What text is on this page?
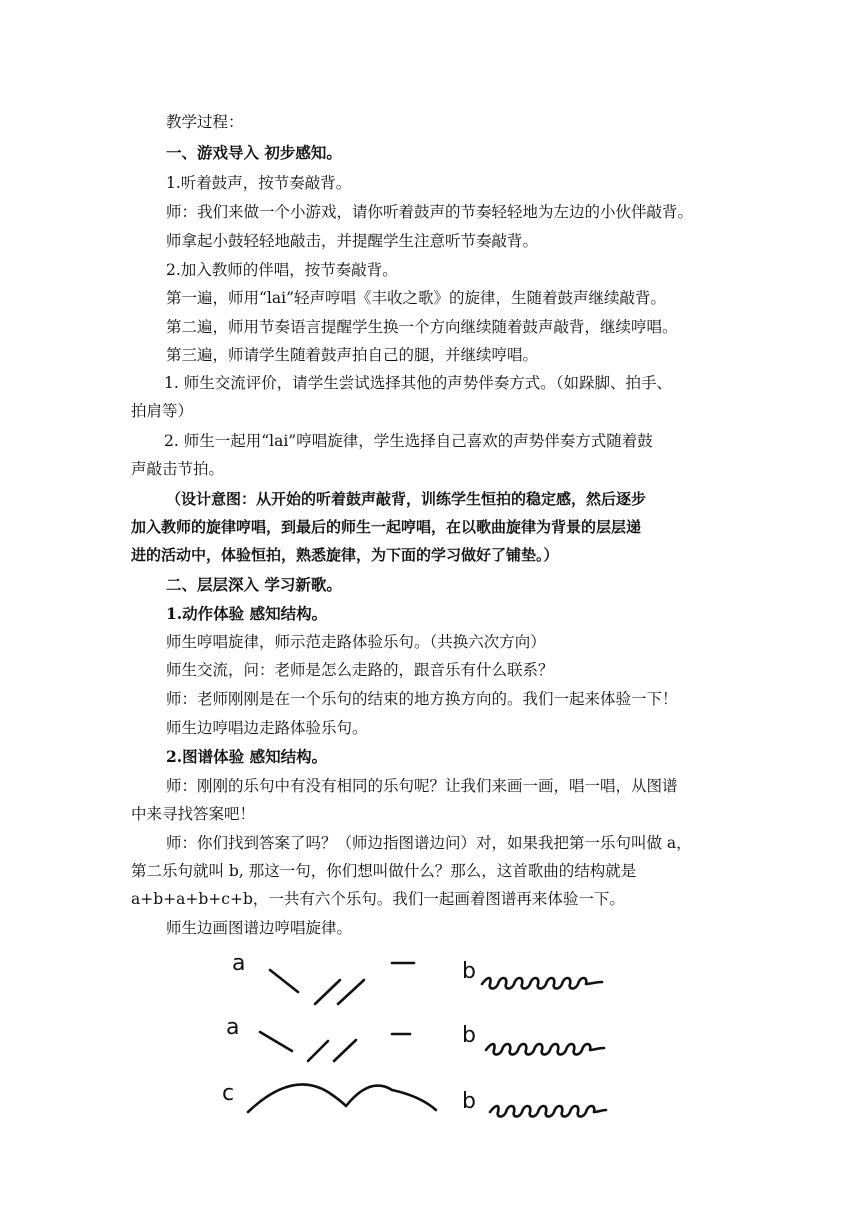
教学过程：
一、游戏导入 初步感知。
1.听着鼓声，按节奏敲背。
师：我们来做一个小游戏，请你听着鼓声的节奏轻轻地为左边的小伙伴敲背。
师拿起小鼓轻轻地敲击，并提醒学生注意听节奏敲背。
2.加入教师的伴唱，按节奏敲背。
第一遍，师用“lai”轻声哼唱《丰收之歌》的旋律，生随着鼓声继续敲背。
第二遍，师用节奏语言提醒学生换一个方向继续随着鼓声敲背，继续哼唱。
第三遍，师请学生随着鼓声拍自己的腿，并继续哼唱。
1. 师生交流评价，请学生尝试选择其他的声势伴奏方式。（如跺脚、拍手、
拍肩等）
2. 师生一起用“lai”哼唱旋律，学生选择自己喜欢的声势伴奏方式随着鼓
声敲击节拍。
（设计意图：从开始的听着鼓声敲背，训练学生恒拍的稳定感，然后逐步
加入教师的旋律哼唱，到最后的师生一起哼唱，在以歌曲旋律为背景的层层递
进的活动中，体验恒拍，熟悉旋律，为下面的学习做好了铺垫。）
二、层层深入 学习新歌。
1.动作体验 感知结构。
师生哼唱旋律，师示范走路体验乐句。（共换六次方向）
师生交流，问：老师是怎么走路的，跟音乐有什么联系？
师：老师刚刚是在一个乐句的结束的地方换方向的。我们一起来体验一下！
师生边哼唱边走路体验乐句。
2.图谱体验 感知结构。
师：刚刚的乐句中有没有相同的乐句呢？让我们来画一画，唱一唱，从图谱
中来寻找答案吧！
师：你们找到答案了吗？（师边指图谱边问）对，如果我把第一乐句叫做 a，
第二乐句就叫 b, 那这一句，你们想叫做什么？那么，这首歌曲的结构就是
a+b+a+b+c+b，一共有六个乐句。我们一起画着图谱再来体验一下。
师生边画图谱边哼唱旋律。
a	b
a	b
c	b
